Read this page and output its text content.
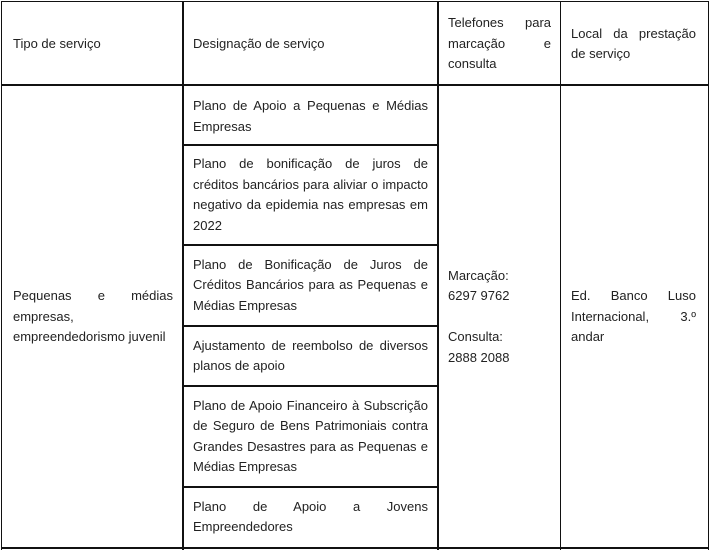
Tipo de serviço	Designação de serviço
Telefones para marcação e consulta
Local da prestação de serviço
Pequenas e médias empresas, empreendedorismo juvenil
Plano de Apoio a Pequenas e Médias Empresas
Plano de bonificação de juros de créditos bancários para aliviar o impacto negativo da epidemia nas empresas em 2022
Plano de Bonificação de Juros de Créditos Bancários para as Pequenas e Médias Empresas
Ajustamento de reembolso de diversos planos de apoio
Plano de Apoio Financeiro à Subscrição de Seguro de Bens Patrimoniais contra Grandes Desastres para as Pequenas e Médias Empresas
Plano de Apoio a Jovens Empreendedores
Marcação:
6297 9762
Consulta:
2888 2088
Ed. Banco Luso Internacional, 3.º andar
